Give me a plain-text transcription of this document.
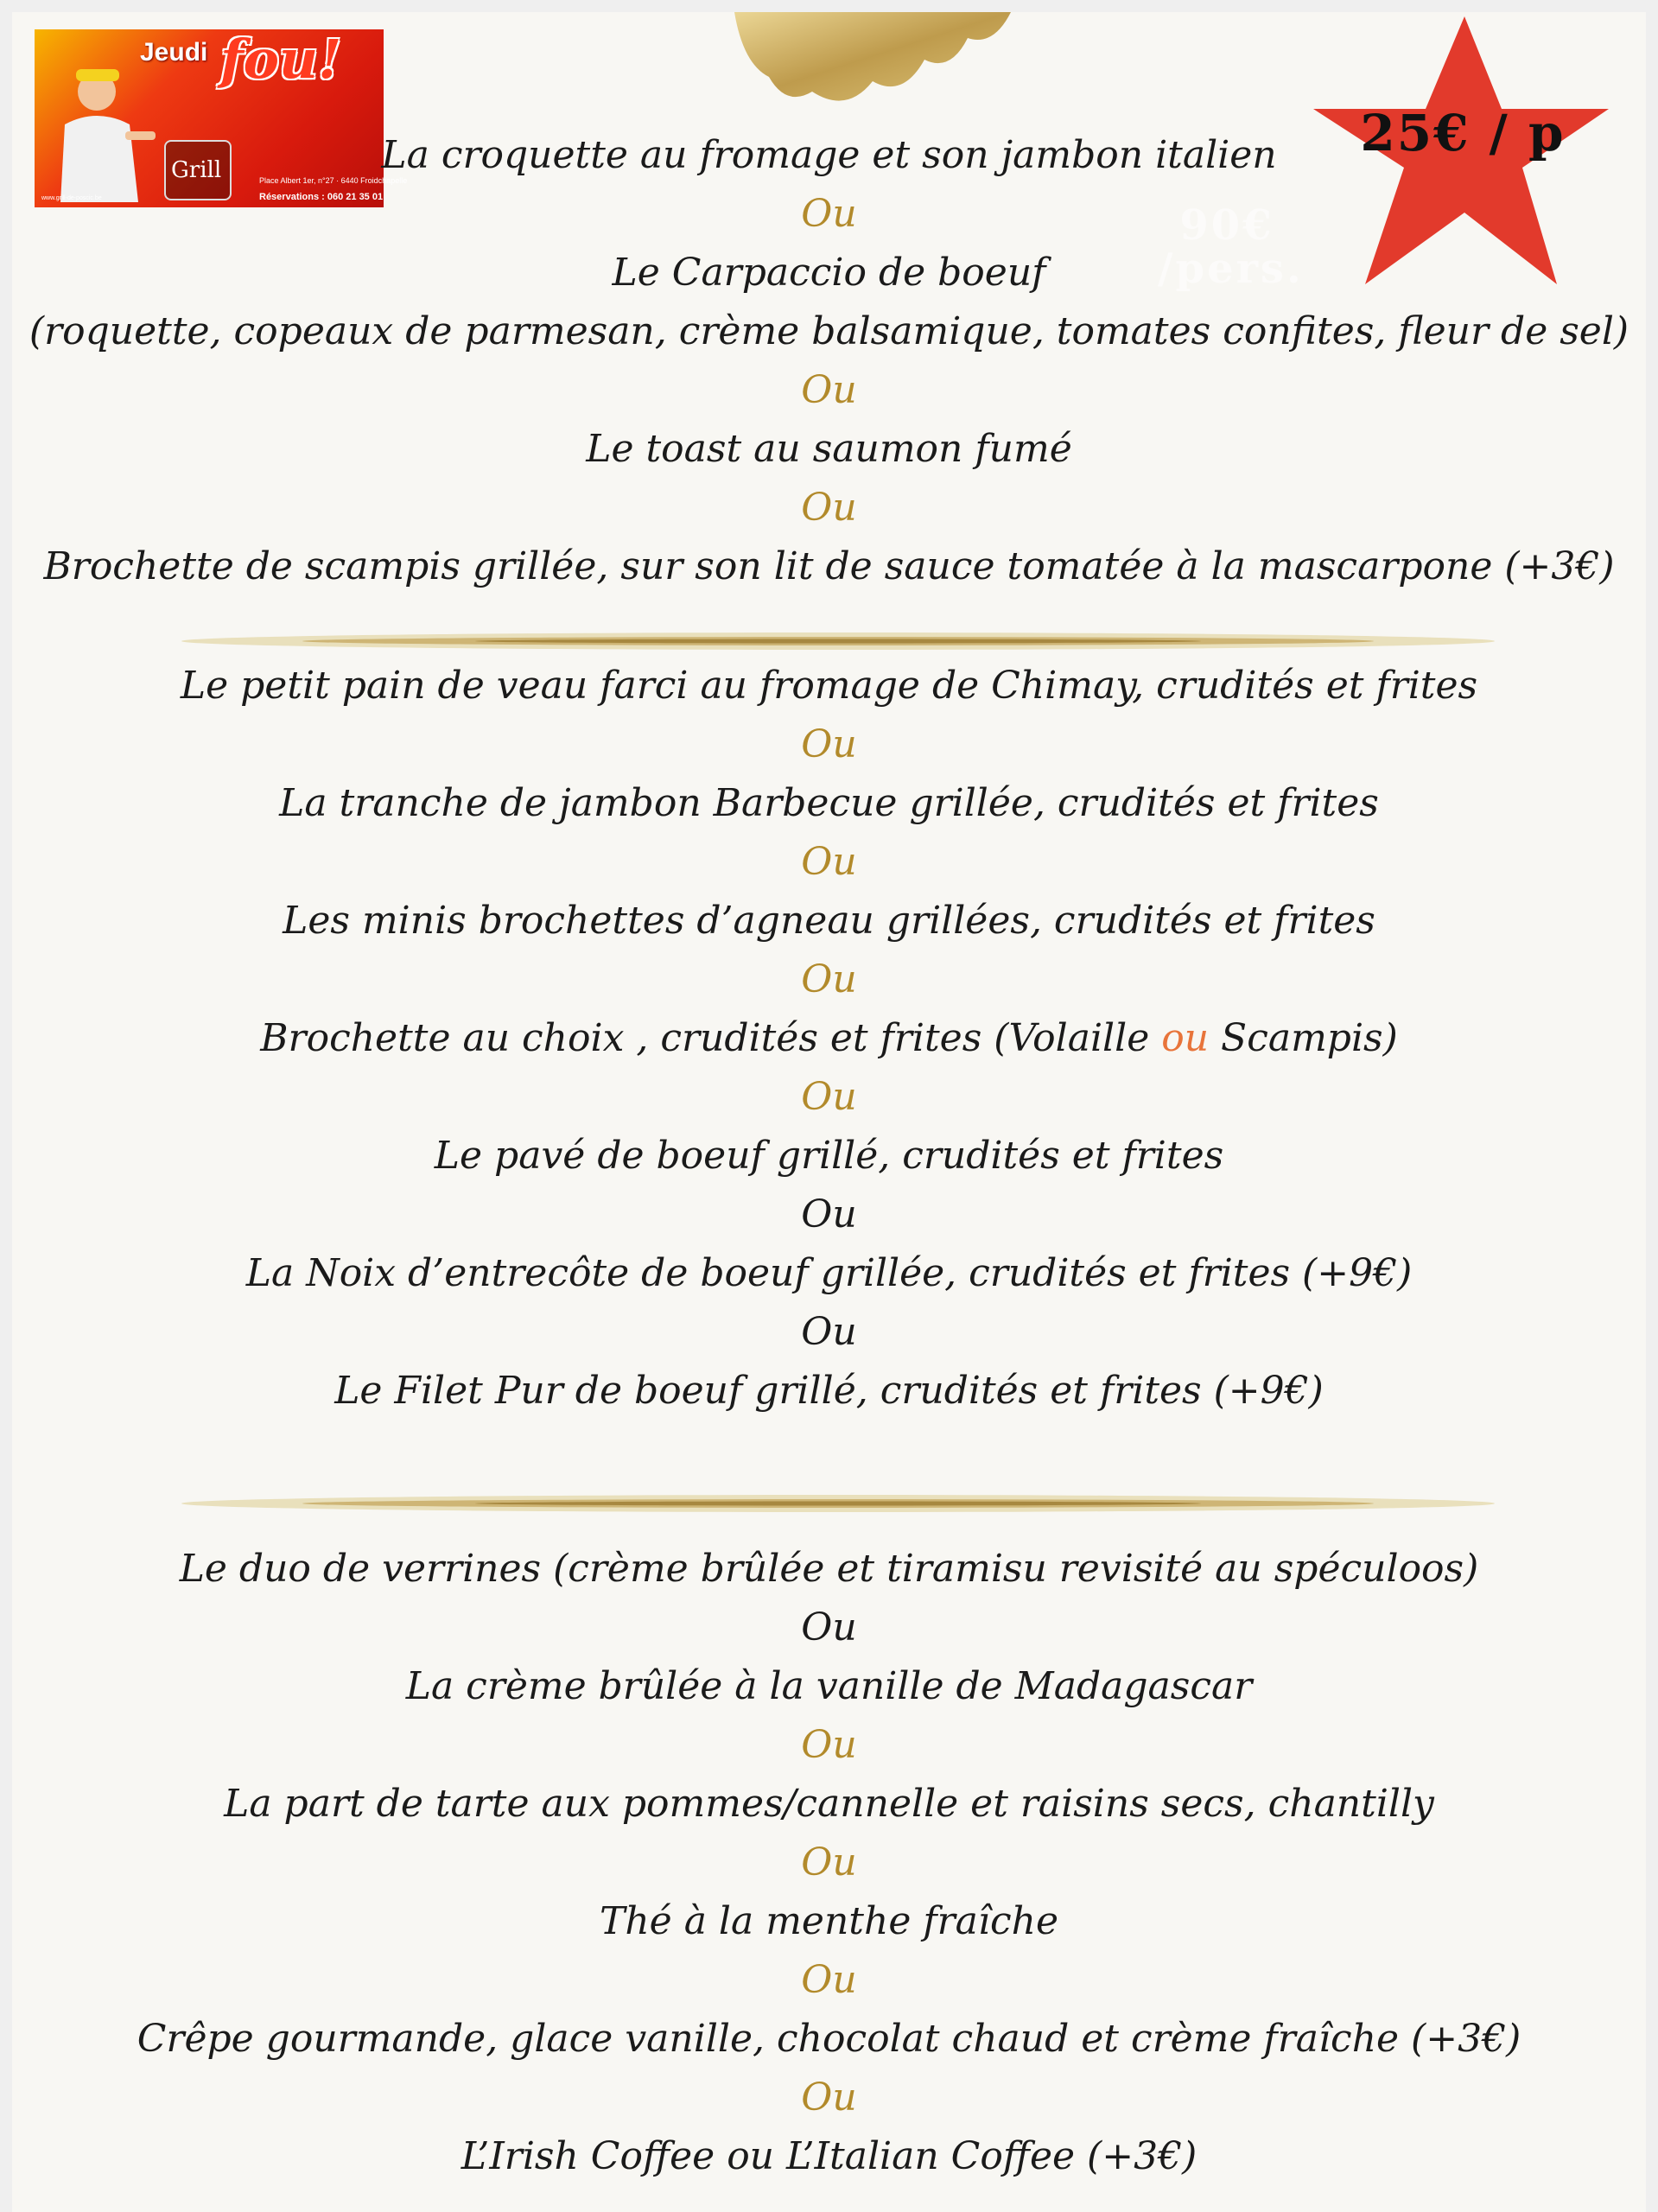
Jeudi fou!
Grill	Place Albert 1er, n°27 · 6440 Froidchapelle
Réservations : 060 21 35 01
www.grill-de-poscic.be
25€ / p
90€
/pers.
La croquette au fromage et son jambon italien
Ou
Le Carpaccio de boeuf
(roquette, copeaux de parmesan, crème balsamique, tomates confites, fleur de sel)
Ou
Le toast au saumon fumé
Ou
Brochette de scampis grillée, sur son lit de sauce tomatée à la mascarpone (+3€)
Le petit pain de veau farci au fromage de Chimay, crudités et frites
Ou
La tranche de jambon Barbecue grillée, crudités et frites
Ou
Les minis brochettes d’agneau grillées, crudités et frites
Ou
Brochette au choix , crudités et frites (Volaille ou Scampis)
Ou
Le pavé de boeuf grillé, crudités et frites
Ou
La Noix d’entrecôte de boeuf grillée, crudités et frites (+9€)
Ou
Le Filet Pur de boeuf grillé, crudités et frites (+9€)
Le duo de verrines (crème brûlée et tiramisu revisité au spéculoos)
Ou
La crème brûlée à la vanille de Madagascar
Ou
La part de tarte aux pommes/cannelle et raisins secs, chantilly
Ou
Thé à la menthe fraîche
Ou
Crêpe gourmande, glace vanille, chocolat chaud et crème fraîche (+3€)
Ou
L’Irish Coffee ou L’Italian Coffee (+3€)
